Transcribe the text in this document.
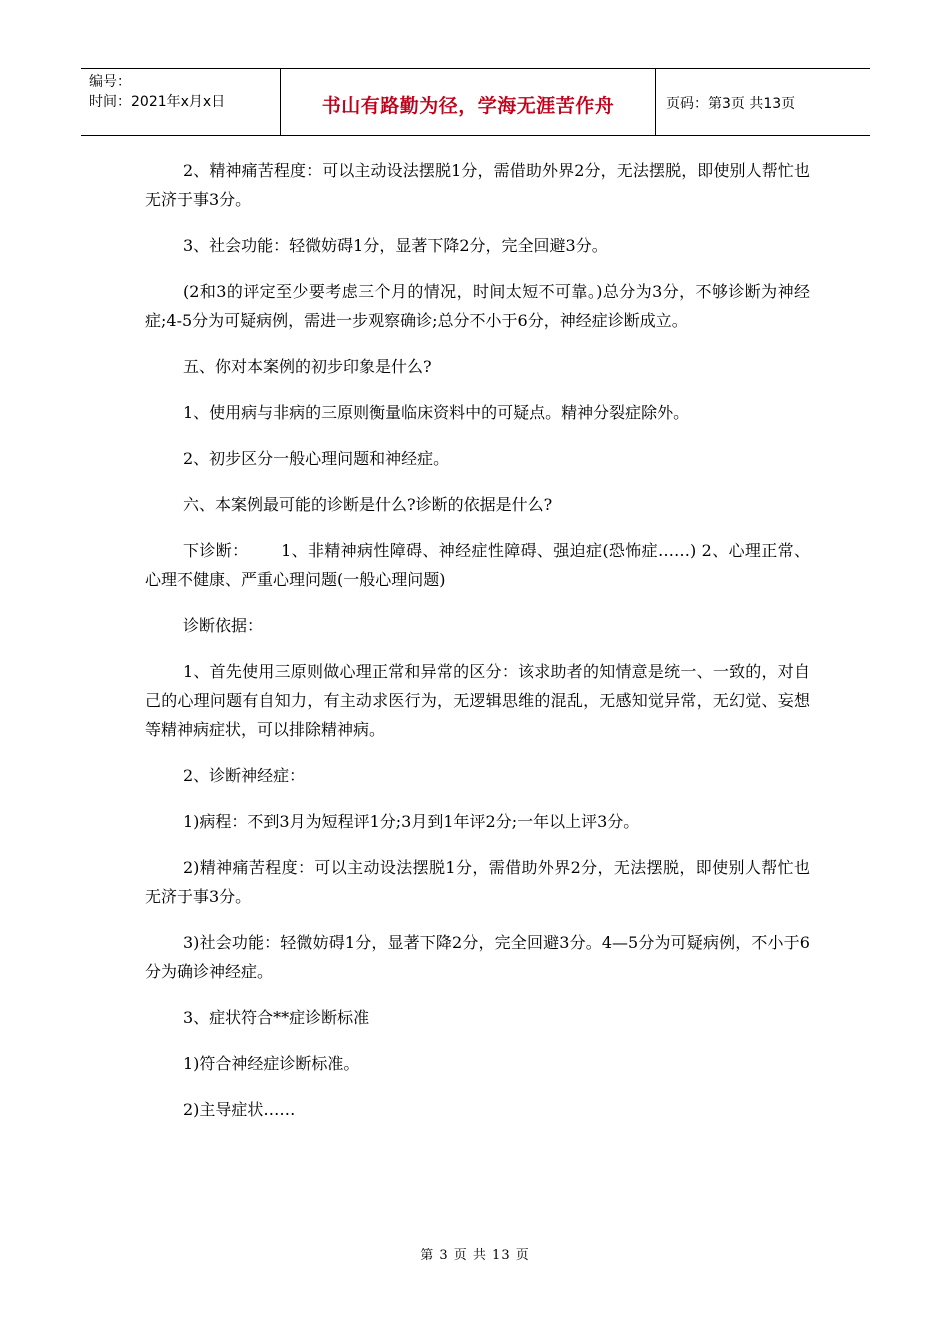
编号：
时间：2021年x月x日	书山有路勤为径，学海无涯苦作舟	页码：第3页 共13页

2、精神痛苦程度：可以主动设法摆脱1分，需借助外界2分，无法摆脱，即使别人帮忙也无济于事3分。

3、社会功能：轻微妨碍1分，显著下降2分，完全回避3分。

(2和3的评定至少要考虑三个月的情况，时间太短不可靠。)总分为3分，不够诊断为神经症;4-5分为可疑病例，需进一步观察确诊;总分不小于6分，神经症诊断成立。

五、你对本案例的初步印象是什么?

1、使用病与非病的三原则衡量临床资料中的可疑点。精神分裂症除外。

2、初步区分一般心理问题和神经症。

六、本案例最可能的诊断是什么?诊断的依据是什么?

下诊断：      1、非精神病性障碍、神经症性障碍、强迫症(恐怖症……) 2、心理正常、心理不健康、严重心理问题(一般心理问题)

诊断依据：

1、首先使用三原则做心理正常和异常的区分：该求助者的知情意是统一、一致的，对自己的心理问题有自知力，有主动求医行为，无逻辑思维的混乱，无感知觉异常，无幻觉、妄想等精神病症状，可以排除精神病。

2、诊断神经症：

1)病程：不到3月为短程评1分;3月到1年评2分;一年以上评3分。

2)精神痛苦程度：可以主动设法摆脱1分，需借助外界2分，无法摆脱，即使别人帮忙也无济于事3分。

3)社会功能：轻微妨碍1分，显著下降2分，完全回避3分。4—5分为可疑病例，不小于6分为确诊神经症。

3、症状符合**症诊断标准

1)符合神经症诊断标准。

2)主导症状……

第 3 页 共 13 页
